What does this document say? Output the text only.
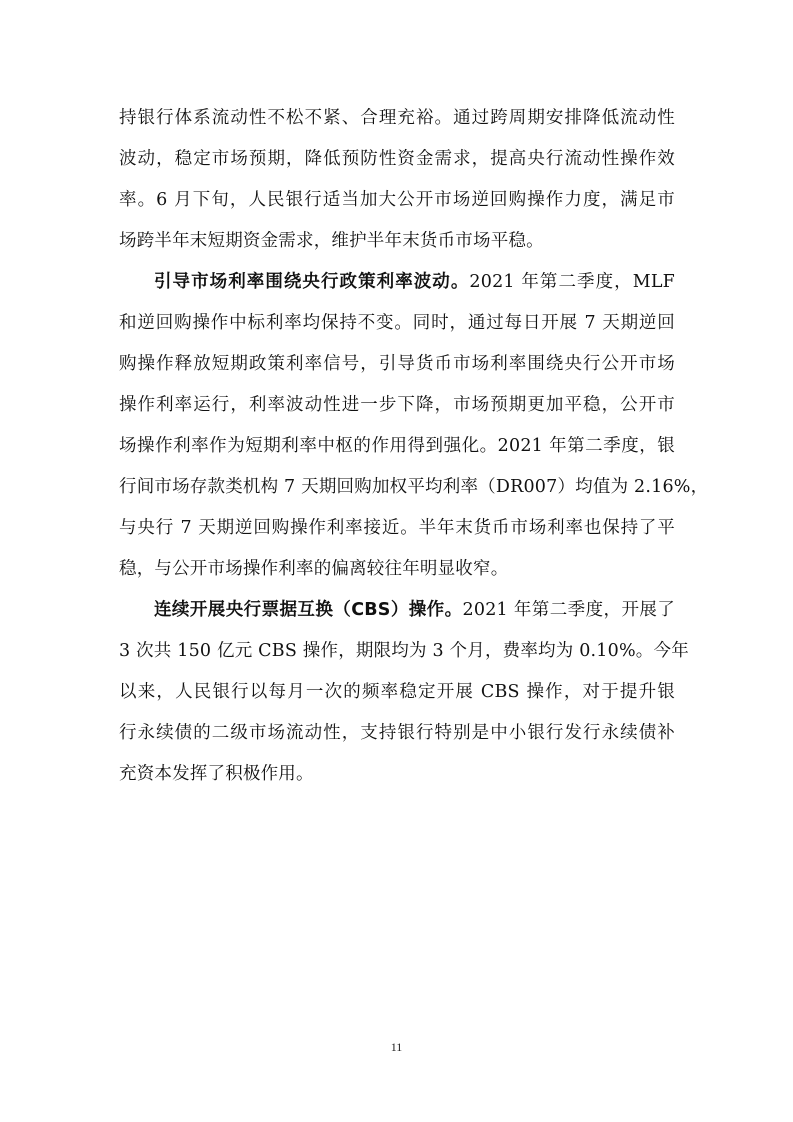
持银行体系流动性不松不紧、合理充裕。通过跨周期安排降低流动性
波动，稳定市场预期，降低预防性资金需求，提高央行流动性操作效
率。6 月下旬，人民银行适当加大公开市场逆回购操作力度，满足市
场跨半年末短期资金需求，维护半年末货币市场平稳。
引导市场利率围绕央行政策利率波动。2021 年第二季度，MLF
和逆回购操作中标利率均保持不变。同时，通过每日开展 7 天期逆回
购操作释放短期政策利率信号，引导货币市场利率围绕央行公开市场
操作利率运行，利率波动性进一步下降，市场预期更加平稳，公开市
场操作利率作为短期利率中枢的作用得到强化。2021 年第二季度，银
行间市场存款类机构 7 天期回购加权平均利率（DR007）均值为 2.16%，
与央行 7 天期逆回购操作利率接近。半年末货币市场利率也保持了平
稳，与公开市场操作利率的偏离较往年明显收窄。
连续开展央行票据互换（CBS）操作。2021 年第二季度，开展了
3 次共 150 亿元 CBS 操作，期限均为 3 个月，费率均为 0.10%。今年
以来，人民银行以每月一次的频率稳定开展 CBS 操作，对于提升银
行永续债的二级市场流动性，支持银行特别是中小银行发行永续债补
充资本发挥了积极作用。
11
